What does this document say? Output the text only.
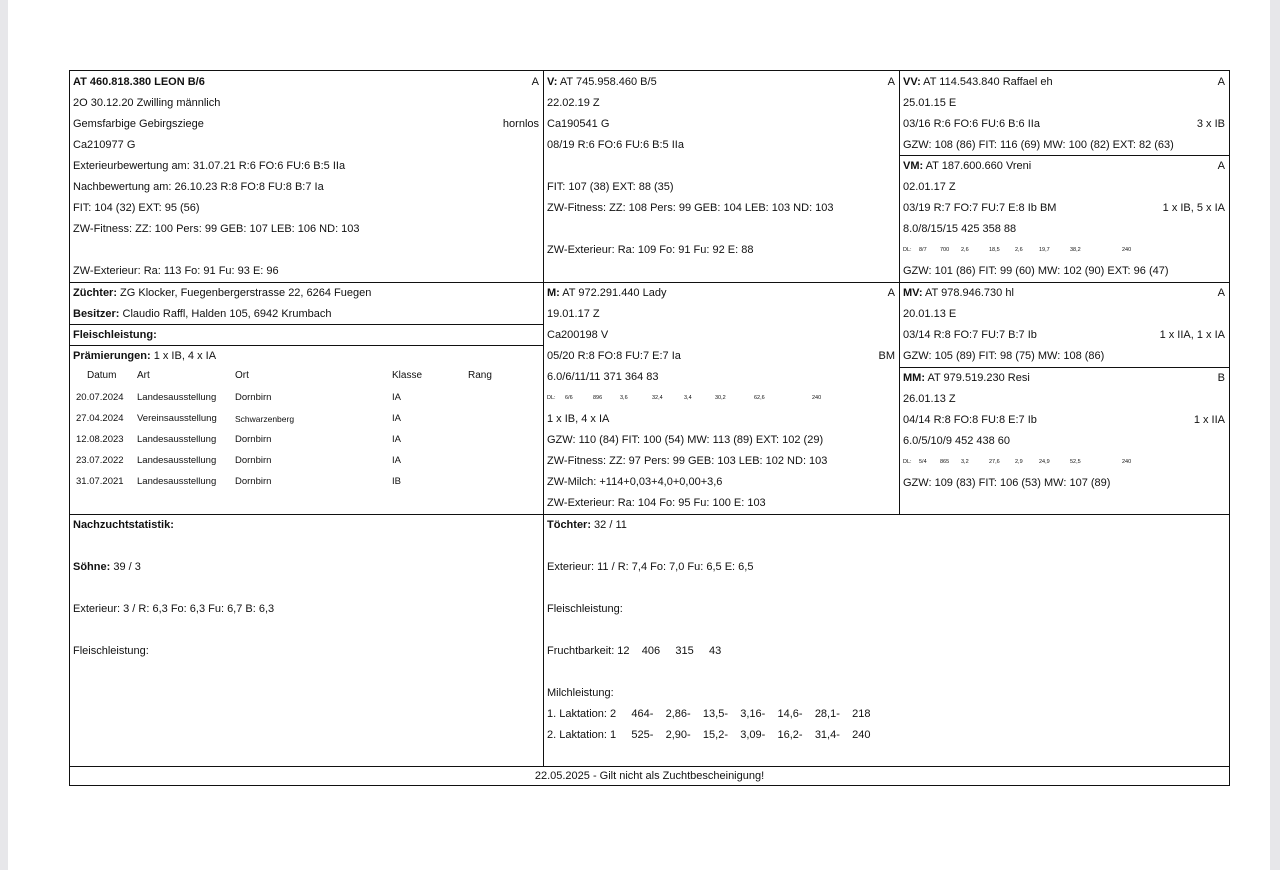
AT 460.818.380 LEON B/6	A
2O 30.12.20 Zwilling männlich
Gemsfarbige Gebirgsziege	hornlos
Ca210977 G
Exterieurbewertung am: 31.07.21 R:6 FO:6 FU:6 B:5 IIa
Nachbewertung am: 26.10.23 R:8 FO:8 FU:8 B:7 Ia
FIT: 104 (32) EXT: 95 (56)
ZW-Fitness: ZZ: 100 Pers: 99 GEB: 107 LEB: 106 ND: 103
ZW-Exterieur: Ra: 113 Fo: 91 Fu: 93 E: 96
Züchter: ZG Klocker, Fuegenbergerstrasse 22, 6264 Fuegen
Besitzer: Claudio Raffl, Halden 105, 6942 Krumbach
Fleischleistung:
Prämierungen: 1 x IB, 4 x IA
Datum Art	Ort	Klasse	Rang
20.07.2024 Landesausstellung Dornbirn	IA
27.04.2024 Vereinsausstellung Schwarzenberg	IA
12.08.2023 Landesausstellung Dornbirn	IA
23.07.2022 Landesausstellung Dornbirn	IA
31.07.2021 Landesausstellung Dornbirn	IB
V: AT 745.958.460 B/5	A
22.02.19 Z
Ca190541 G
08/19 R:6 FO:6 FU:6 B:5 IIa
FIT: 107 (38) EXT: 88 (35)
ZW-Fitness: ZZ: 108 Pers: 99 GEB: 104 LEB: 103 ND: 103
ZW-Exterieur: Ra: 109 Fo: 91 Fu: 92 E: 88
M: AT 972.291.440 Lady	A
19.01.17 Z
Ca200198 V
05/20 R:8 FO:8 FU:7 E:7 Ia	BM
6.0/6/11/11 371 364 83
DL: 6/6	896	3,6	32,4	3,4	30,2	62,6	240
1 x IB, 4 x IA
GZW: 110 (84) FIT: 100 (54) MW: 113 (89) EXT: 102 (29)
ZW-Fitness: ZZ: 97 Pers: 99 GEB: 103 LEB: 102 ND: 103
ZW-Milch: +114+0,03+4,0+0,00+3,6
ZW-Exterieur: Ra: 104 Fo: 95 Fu: 100 E: 103
VV: AT 114.543.840 Raffael eh	A
25.01.15 E
03/16 R:6 FO:6 FU:6 B:6 IIa	3 x IB
GZW: 108 (86) FIT: 116 (69) MW: 100 (82) EXT: 82 (63)
VM: AT 187.600.660 Vreni	A
02.01.17 Z
03/19 R:7 FO:7 FU:7 E:8 Ib BM	1 x IB, 5 x IA
8.0/8/15/15 425 358 88
DL: 8/7 700 2,6	18,5	2,6	19,7	38,2	240
GZW: 101 (86) FIT: 99 (60) MW: 102 (90) EXT: 96 (47)
MV: AT 978.946.730 hl	A
20.01.13 E
03/14 R:8 FO:7 FU:7 B:7 Ib	1 x IIA, 1 x IA
GZW: 105 (89) FIT: 98 (75) MW: 108 (86)
MM: AT 979.519.230 Resi	B
26.01.13 Z
04/14 R:8 FO:8 FU:8 E:7 Ib	1 x IIA
6.0/5/10/9 452 438 60
DL: 5/4 865 3,2	27,6	2,9	24,9	52,5	240
GZW: 109 (83) FIT: 106 (53) MW: 107 (89)
Nachzuchtstatistik:
Söhne: 39 / 3
Exterieur: 3 / R: 6,3 Fo: 6,3 Fu: 6,7 B: 6,3
Fleischleistung:
Töchter: 32 / 11
Exterieur: 11 / R: 7,4 Fo: 7,0 Fu: 6,5 E: 6,5
Fleischleistung:
Fruchtbarkeit: 12    406     315     43
Milchleistung:
1. Laktation: 2     464-    2,86-    13,5-    3,16-    14,6-    28,1-    218
2. Laktation: 1     525-    2,90-    15,2-    3,09-    16,2-    31,4-    240
22.05.2025 - Gilt nicht als Zuchtbescheinigung!
